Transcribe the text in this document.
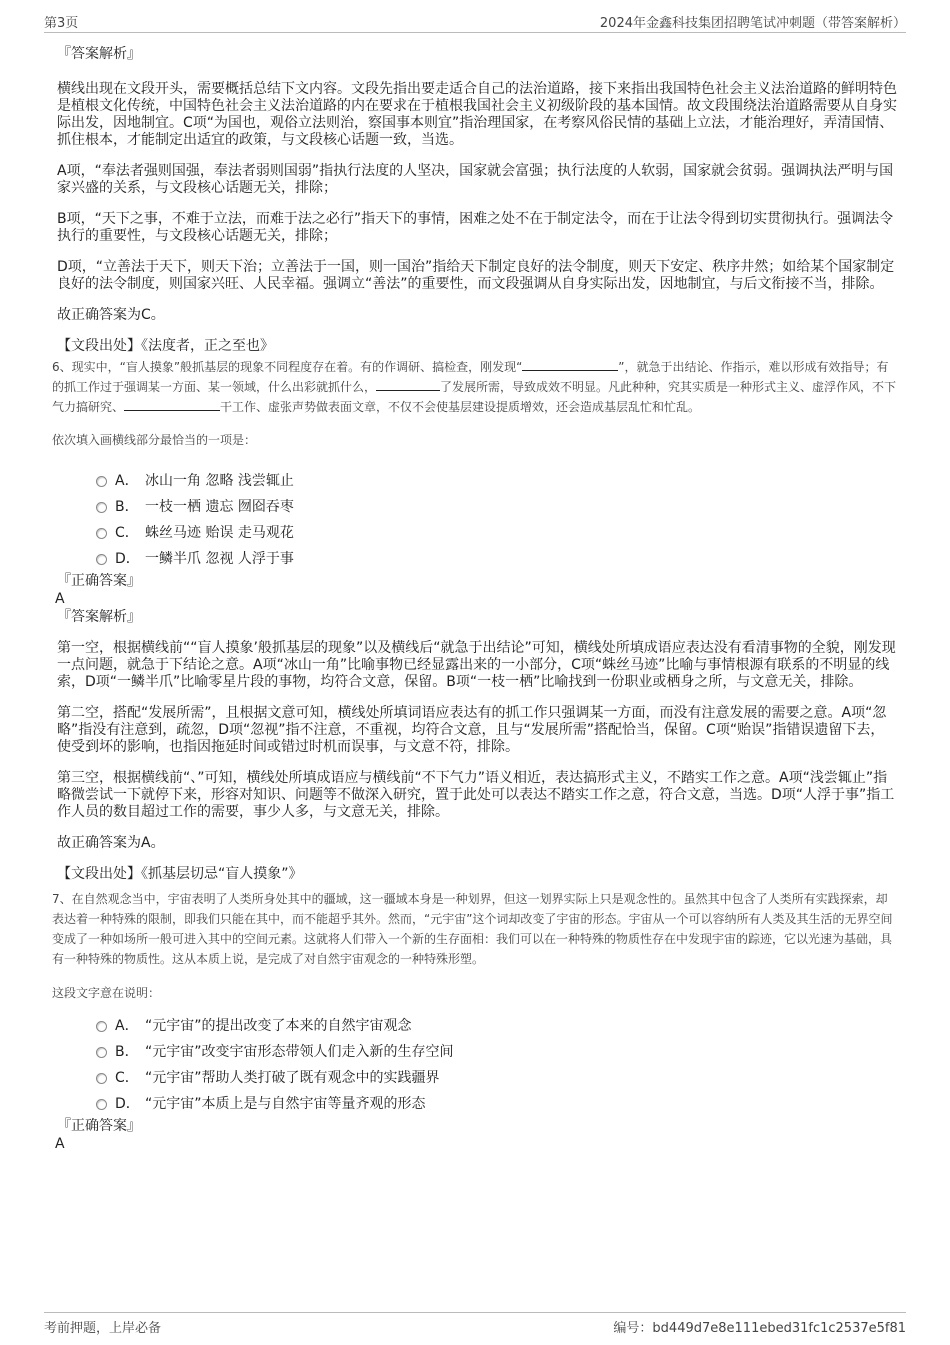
第3页	2024年金鑫科技集团招聘笔试冲刺题（带答案解析）

『答案解析』

横线出现在文段开头，需要概括总结下文内容。文段先指出要走适合自己的法治道路，接下来指出我国特色社会主义法治道路的鲜明特色是植根文化传统，中国特色社会主义法治道路的内在要求在于植根我国社会主义初级阶段的基本国情。故文段围绕法治道路需要从自身实际出发，因地制宜。C项“为国也，观俗立法则治，察国事本则宜”指治理国家，在考察风俗民情的基础上立法，才能治理好，弄清国情、抓住根本，才能制定出适宜的政策，与文段核心话题一致，当选。

A项，“奉法者强则国强，奉法者弱则国弱”指执行法度的人坚决，国家就会富强；执行法度的人软弱，国家就会贫弱。强调执法严明与国家兴盛的关系，与文段核心话题无关，排除；

B项，“天下之事，不难于立法，而难于法之必行”指天下的事情，困难之处不在于制定法令，而在于让法令得到切实贯彻执行。强调法令执行的重要性，与文段核心话题无关，排除；

D项，“立善法于天下，则天下治；立善法于一国，则一国治”指给天下制定良好的法令制度，则天下安定、秩序井然；如给某个国家制定良好的法令制度，则国家兴旺、人民幸福。强调立“善法”的重要性，而文段强调从自身实际出发，因地制宜，与后文衔接不当，排除。

故正确答案为C。

【文段出处】《法度者，正之至也》

6、现实中，“盲人摸象”般抓基层的现象不同程度存在着。有的作调研、搞检查，刚发现“	”，就急于出结论、作指示，难以形成有效指导；有的抓工作过于强调某一方面、某一领域，什么出彩就抓什么，	了发展所需，导致成效不明显。凡此种种，究其实质是一种形式主义、虚浮作风，不下气力搞研究、	干工作、虚张声势做表面文章，不仅不会使基层建设提质增效，还会造成基层乱忙和忙乱。

依次填入画横线部分最恰当的一项是：

A． 冰山一角 忽略 浅尝辄止
B． 一枝一栖 遗忘 囫囵吞枣
C． 蛛丝马迹 贻误 走马观花
D． 一鳞半爪 忽视 人浮于事

『正确答案』

A

『答案解析』

第一空，根据横线前““盲人摸象’般抓基层的现象”以及横线后“就急于出结论”可知，横线处所填成语应表达没有看清事物的全貌，刚发现一点问题，就急于下结论之意。A项“冰山一角”比喻事物已经显露出来的一小部分，C项“蛛丝马迹”比喻与事情根源有联系的不明显的线索，D项“一鳞半爪”比喻零星片段的事物，均符合文意，保留。B项“一枝一栖”比喻找到一份职业或栖身之所，与文意无关，排除。

第二空，搭配“发展所需”，且根据文意可知，横线处所填词语应表达有的抓工作只强调某一方面，而没有注意发展的需要之意。A项“忽略”指没有注意到，疏忽，D项“忽视”指不注意，不重视，均符合文意，且与“发展所需”搭配恰当，保留。C项“贻误”指错误遗留下去，使受到坏的影响，也指因拖延时间或错过时机而误事，与文意不符，排除。

第三空，根据横线前“、”可知，横线处所填成语应与横线前“不下气力”语义相近，表达搞形式主义，不踏实工作之意。A项“浅尝辄止”指略微尝试一下就停下来，形容对知识、问题等不做深入研究，置于此处可以表达不踏实工作之意，符合文意，当选。D项“人浮于事”指工作人员的数目超过工作的需要，事少人多，与文意无关，排除。

故正确答案为A。

【文段出处】《抓基层切忌“盲人摸象”》

7、在自然观念当中，宇宙表明了人类所身处其中的疆域，这一疆域本身是一种划界，但这一划界实际上只是观念性的。虽然其中包含了人类所有实践探索，却表达着一种特殊的限制，即我们只能在其中，而不能超乎其外。然而，“元宇宙”这个词却改变了宇宙的形态。宇宙从一个可以容纳所有人类及其生活的无界空间变成了一种如场所一般可进入其中的空间元素。这就将人们带入一个新的生存面相：我们可以在一种特殊的物质性存在中发现宇宙的踪迹，它以光速为基础，具有一种特殊的物质性。这从本质上说，是完成了对自然宇宙观念的一种特殊形塑。

这段文字意在说明：

A． “元宇宙”的提出改变了本来的自然宇宙观念
B． “元宇宙”改变宇宙形态带领人们走入新的生存空间
C． “元宇宙”帮助人类打破了既有观念中的实践疆界
D． “元宇宙”本质上是与自然宇宙等量齐观的形态

『正确答案』

A

考前押题，上岸必备	编号：bd449d7e8e111ebed31fc1c2537e5f81
